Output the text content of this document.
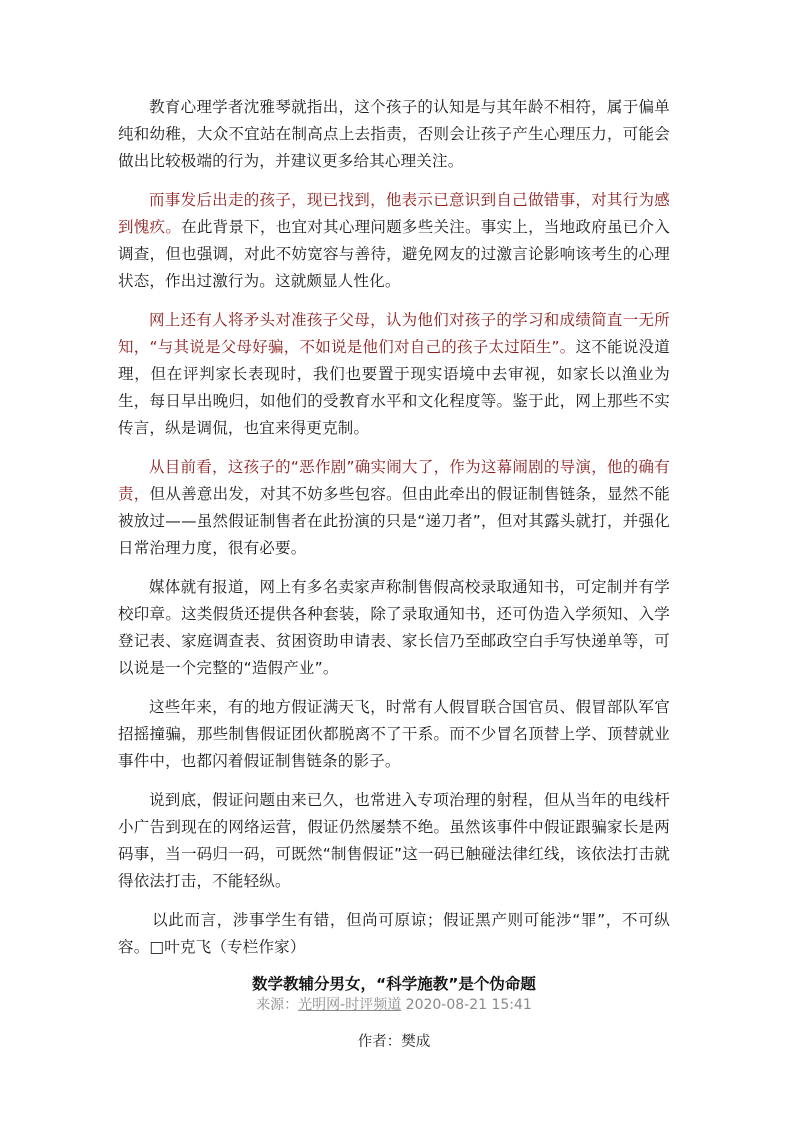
教育心理学者沈雅琴就指出，这个孩子的认知是与其年龄不相符，属于偏单纯和幼稚，大众不宜站在制高点上去指责，否则会让孩子产生心理压力，可能会做出比较极端的行为，并建议更多给其心理关注。

而事发后出走的孩子，现已找到，他表示已意识到自己做错事，对其行为感到愧疚。在此背景下，也宜对其心理问题多些关注。事实上，当地政府虽已介入调查，但也强调，对此不妨宽容与善待，避免网友的过激言论影响该考生的心理状态，作出过激行为。这就颇显人性化。

网上还有人将矛头对准孩子父母，认为他们对孩子的学习和成绩简直一无所知，“与其说是父母好骗，不如说是他们对自己的孩子太过陌生”。这不能说没道理，但在评判家长表现时，我们也要置于现实语境中去审视，如家长以渔业为生，每日早出晚归，如他们的受教育水平和文化程度等。鉴于此，网上那些不实传言，纵是调侃，也宜来得更克制。

从目前看，这孩子的“恶作剧”确实闹大了，作为这幕闹剧的导演，他的确有责，但从善意出发，对其不妨多些包容。但由此牵出的假证制售链条，显然不能被放过——虽然假证制售者在此扮演的只是“递刀者”，但对其露头就打，并强化日常治理力度，很有必要。

媒体就有报道，网上有多名卖家声称制售假高校录取通知书，可定制并有学校印章。这类假货还提供各种套装，除了录取通知书，还可伪造入学须知、入学登记表、家庭调查表、贫困资助申请表、家长信乃至邮政空白手写快递单等，可以说是一个完整的“造假产业”。

这些年来，有的地方假证满天飞，时常有人假冒联合国官员、假冒部队军官招摇撞骗，那些制售假证团伙都脱离不了干系。而不少冒名顶替上学、顶替就业事件中，也都闪着假证制售链条的影子。

说到底，假证问题由来已久，也常进入专项治理的射程，但从当年的电线杆小广告到现在的网络运营，假证仍然屡禁不绝。虽然该事件中假证跟骗家长是两码事，当一码归一码，可既然“制售假证”这一码已触碰法律红线，该依法打击就得依法打击，不能轻纵。

以此而言，涉事学生有错，但尚可原谅；假证黑产则可能涉“罪”，不可纵容。□叶克飞（专栏作家）

数学教辅分男女，“科学施教”是个伪命题
来源：光明网-时评频道 2020-08-21 15:41
作者：樊成
